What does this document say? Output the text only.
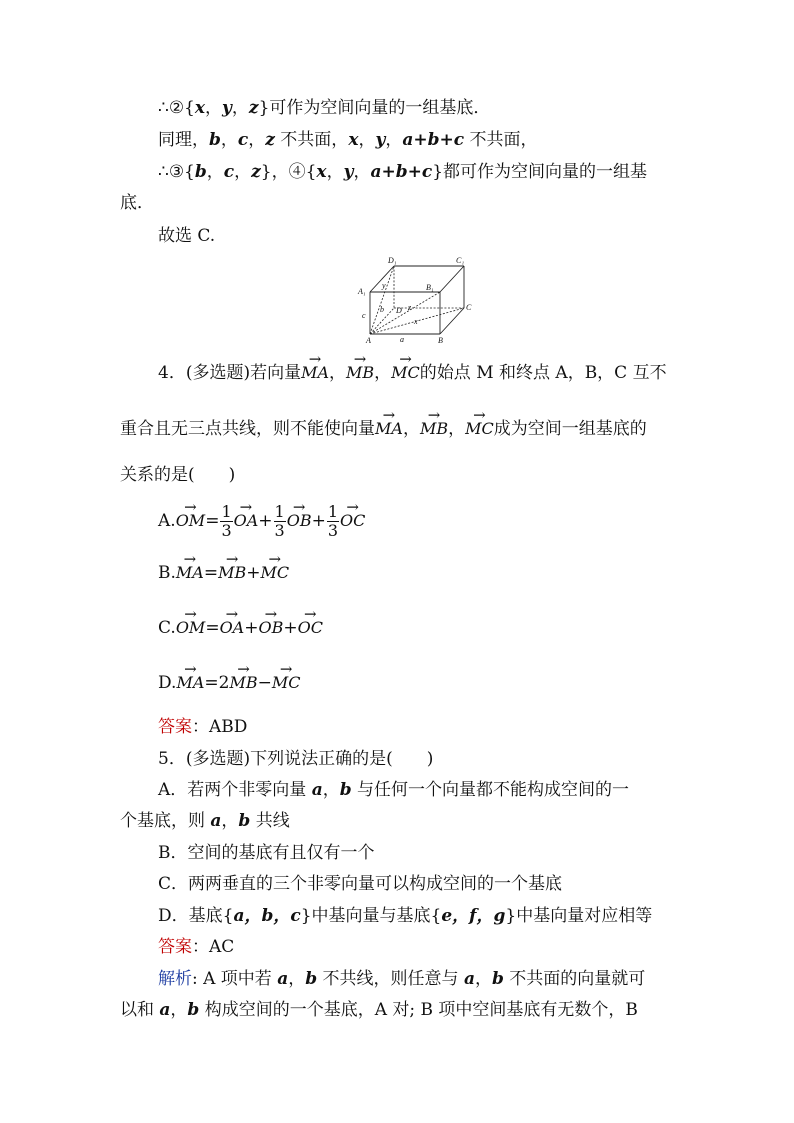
∴②{x，y，z}可作为空间向量的一组基底．
同理，b，c，z 不共面，x，y，a+b+c 不共面，
∴③{b，c，z}，④{x，y，a+b+c}都可作为空间向量的一组基
底．
故选 C.
D₁	C₁
A₁	B₁
C
A	B
D
a
b
c
x
y
z
4．(多选题)若向量→ MA，→ MB，→ MC的始点 M 和终点 A，B，C 互不
重合且无三点共线，则不能使向量→ MA，→ MB，→ MC成为空间一组基底的
关系的是(　　)
$A.\to OM= \frac{1}{3}$
→ $OA+ \frac{1}{3}$
→ $OB+ \frac{1}{3}$
→ OC
B.→ MA=→ MB+→ MC
C.→ OM=→ OA+→ OB+→ OC
D.→ MA=2→ MB−→ MC
答案：ABD
5．(多选题)下列说法正确的是(　　)
A．若两个非零向量 a，b 与任何一个向量都不能构成空间的一
个基底，则 a，b 共线
B．空间的基底有且仅有一个
C．两两垂直的三个非零向量可以构成空间的一个基底
D．基底{a，b，c}中基向量与基底{e，f，g}中基向量对应相等
答案：AC
解析: A 项中若 a，b 不共线，则任意与 a，b 不共面的向量就可
以和 a，b 构成空间的一个基底，A 对; B 项中空间基底有无数个，B
